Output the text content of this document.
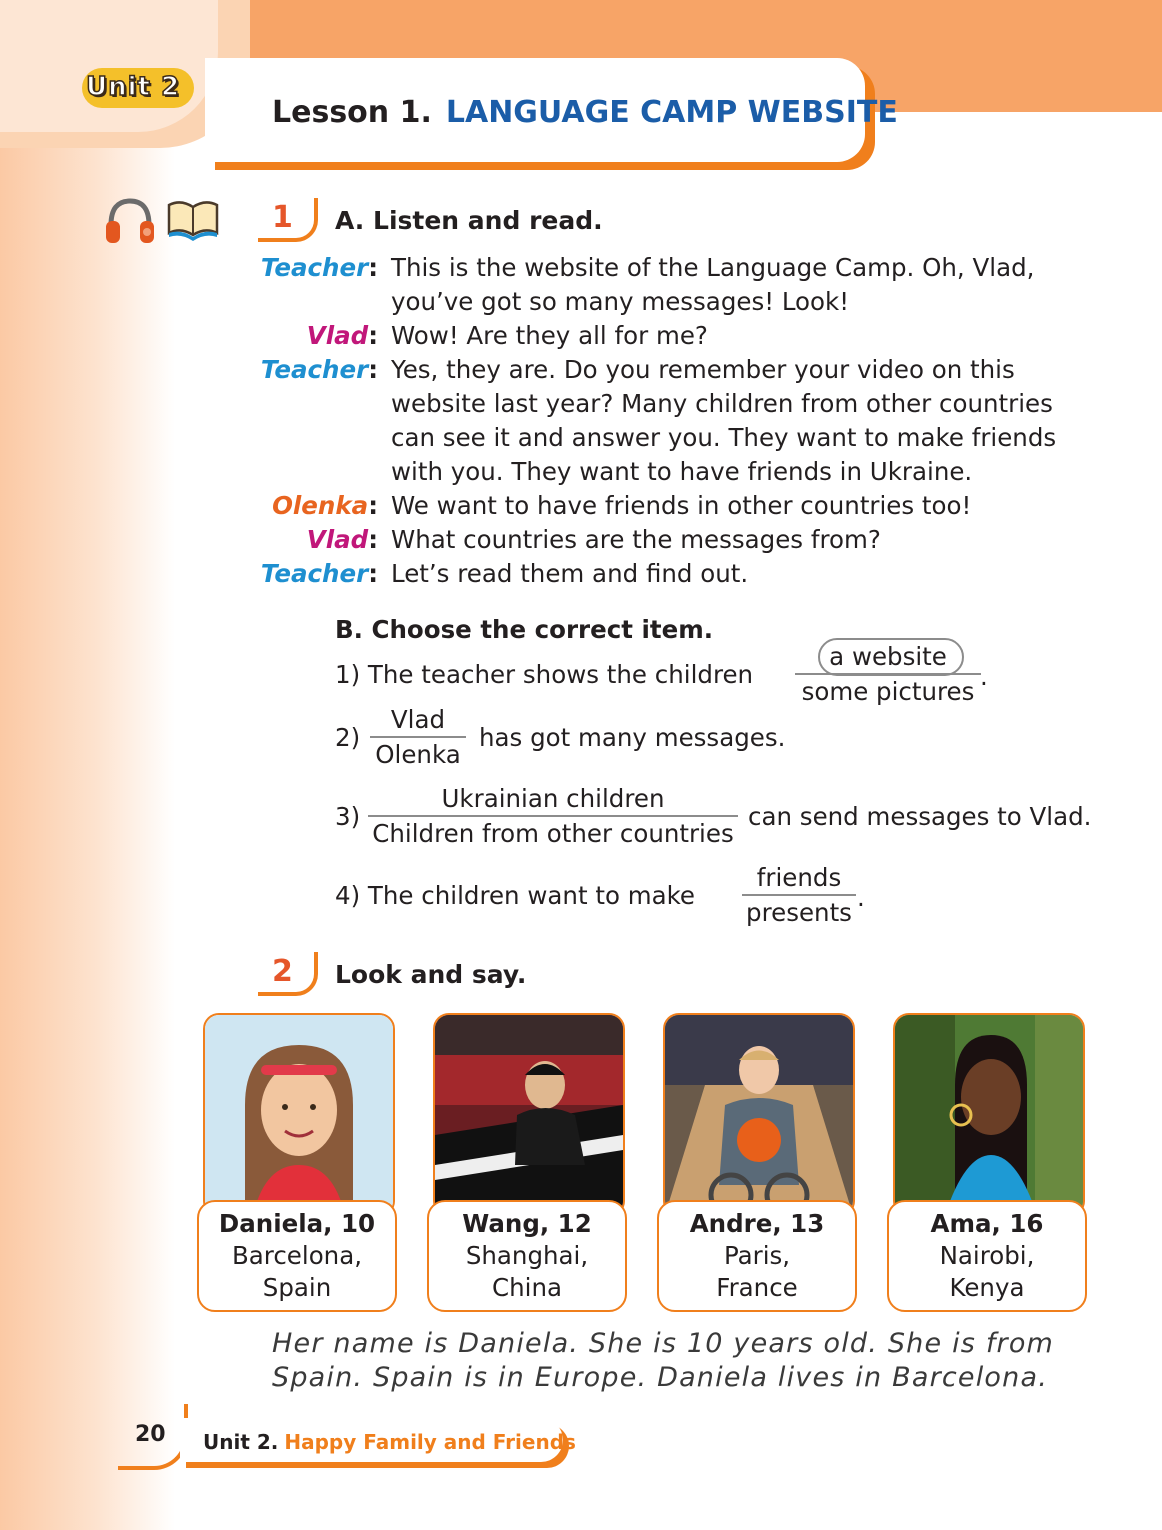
Unit 2
Lesson 1. LANGUAGE CAMP WEBSITE
1 A. Listen and read.
Teacher: This is the website of the Language Camp. Oh, Vlad,
you’ve got so many messages! Look!
Vlad: Wow! Are they all for me?
Teacher: Yes, they are. Do you remember your video on this
website last year? Many children from other countries
can see it and answer you. They want to make friends
with you. They want to have friends in Ukraine.
Olenka: We want to have friends in other countries too!
Vlad: What countries are the messages from?
Teacher: Let’s read them and find out.
B. Choose the correct item.
1) The teacher shows the children
a website
some pictures
.
2)
Vlad
Olenka
has got many messages.
3)
Ukrainian children
Children from other countries
can send messages to Vlad.
4) The children want to make
friends
presents
.
2 Look and say.
Daniela, 10
Barcelona,
Spain
Wang, 12
Shanghai,
China
Andre, 13
Paris,
France
Ama, 16
Nairobi,
Kenya
Her name is Daniela. She is 10 years old. She is from
Spain. Spain is in Europe. Daniela lives in Barcelona.
20 Unit 2. Happy Family and Friends
